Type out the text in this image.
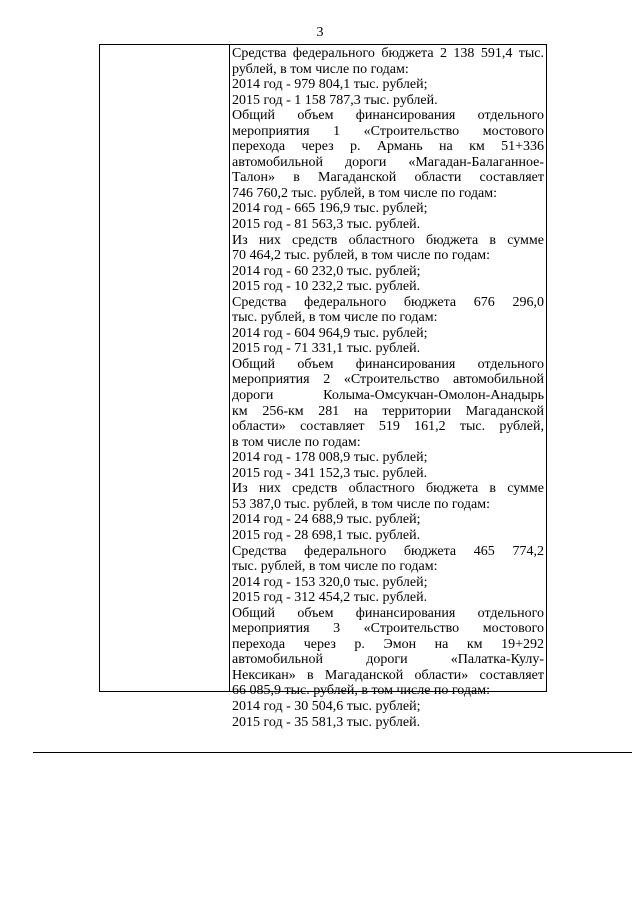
3
Средства федерального бюджета 2 138 591,4 тыс.
рублей, в том числе по годам:
2014 год - 979 804,1 тыс. рублей;
2015 год - 1 158 787,3 тыс. рублей.
Общий объем финансирования отдельного
мероприятия 1 «Строительство мостового
перехода через р. Армань на км 51+336
автомобильной дороги «Магадан-Балаганное-
Талон» в Магаданской области составляет
746 760,2 тыс. рублей, в том числе по годам:
2014 год - 665 196,9 тыс. рублей;
2015 год - 81 563,3 тыс. рублей.
Из них средств областного бюджета в сумме
70 464,2 тыс. рублей, в том числе по годам:
2014 год - 60 232,0 тыс. рублей;
2015 год - 10 232,2 тыс. рублей.
Средства федерального бюджета 676 296,0
тыс. рублей, в том числе по годам:
2014 год - 604 964,9 тыс. рублей;
2015 год - 71 331,1 тыс. рублей.
Общий объем финансирования отдельного
мероприятия 2 «Строительство автомобильной
дороги Колыма-Омсукчан-Омолон-Анадырь
км 256-км 281 на территории Магаданской
области» составляет 519 161,2 тыс. рублей,
в том числе по годам:
2014 год - 178 008,9 тыс. рублей;
2015 год - 341 152,3 тыс. рублей.
Из них средств областного бюджета в сумме
53 387,0 тыс. рублей, в том числе по годам:
2014 год - 24 688,9 тыс. рублей;
2015 год - 28 698,1 тыс. рублей.
Средства федерального бюджета 465 774,2
тыс. рублей, в том числе по годам:
2014 год - 153 320,0 тыс. рублей;
2015 год - 312 454,2 тыс. рублей.
Общий объем финансирования отдельного
мероприятия 3 «Строительство мостового
перехода через р. Эмон на км 19+292
автомобильной дороги «Палатка-Кулу-
Нексикан» в Магаданской области» составляет
66 085,9 тыс. рублей, в том числе по годам:
2014 год - 30 504,6 тыс. рублей;
2015 год - 35 581,3 тыс. рублей.
